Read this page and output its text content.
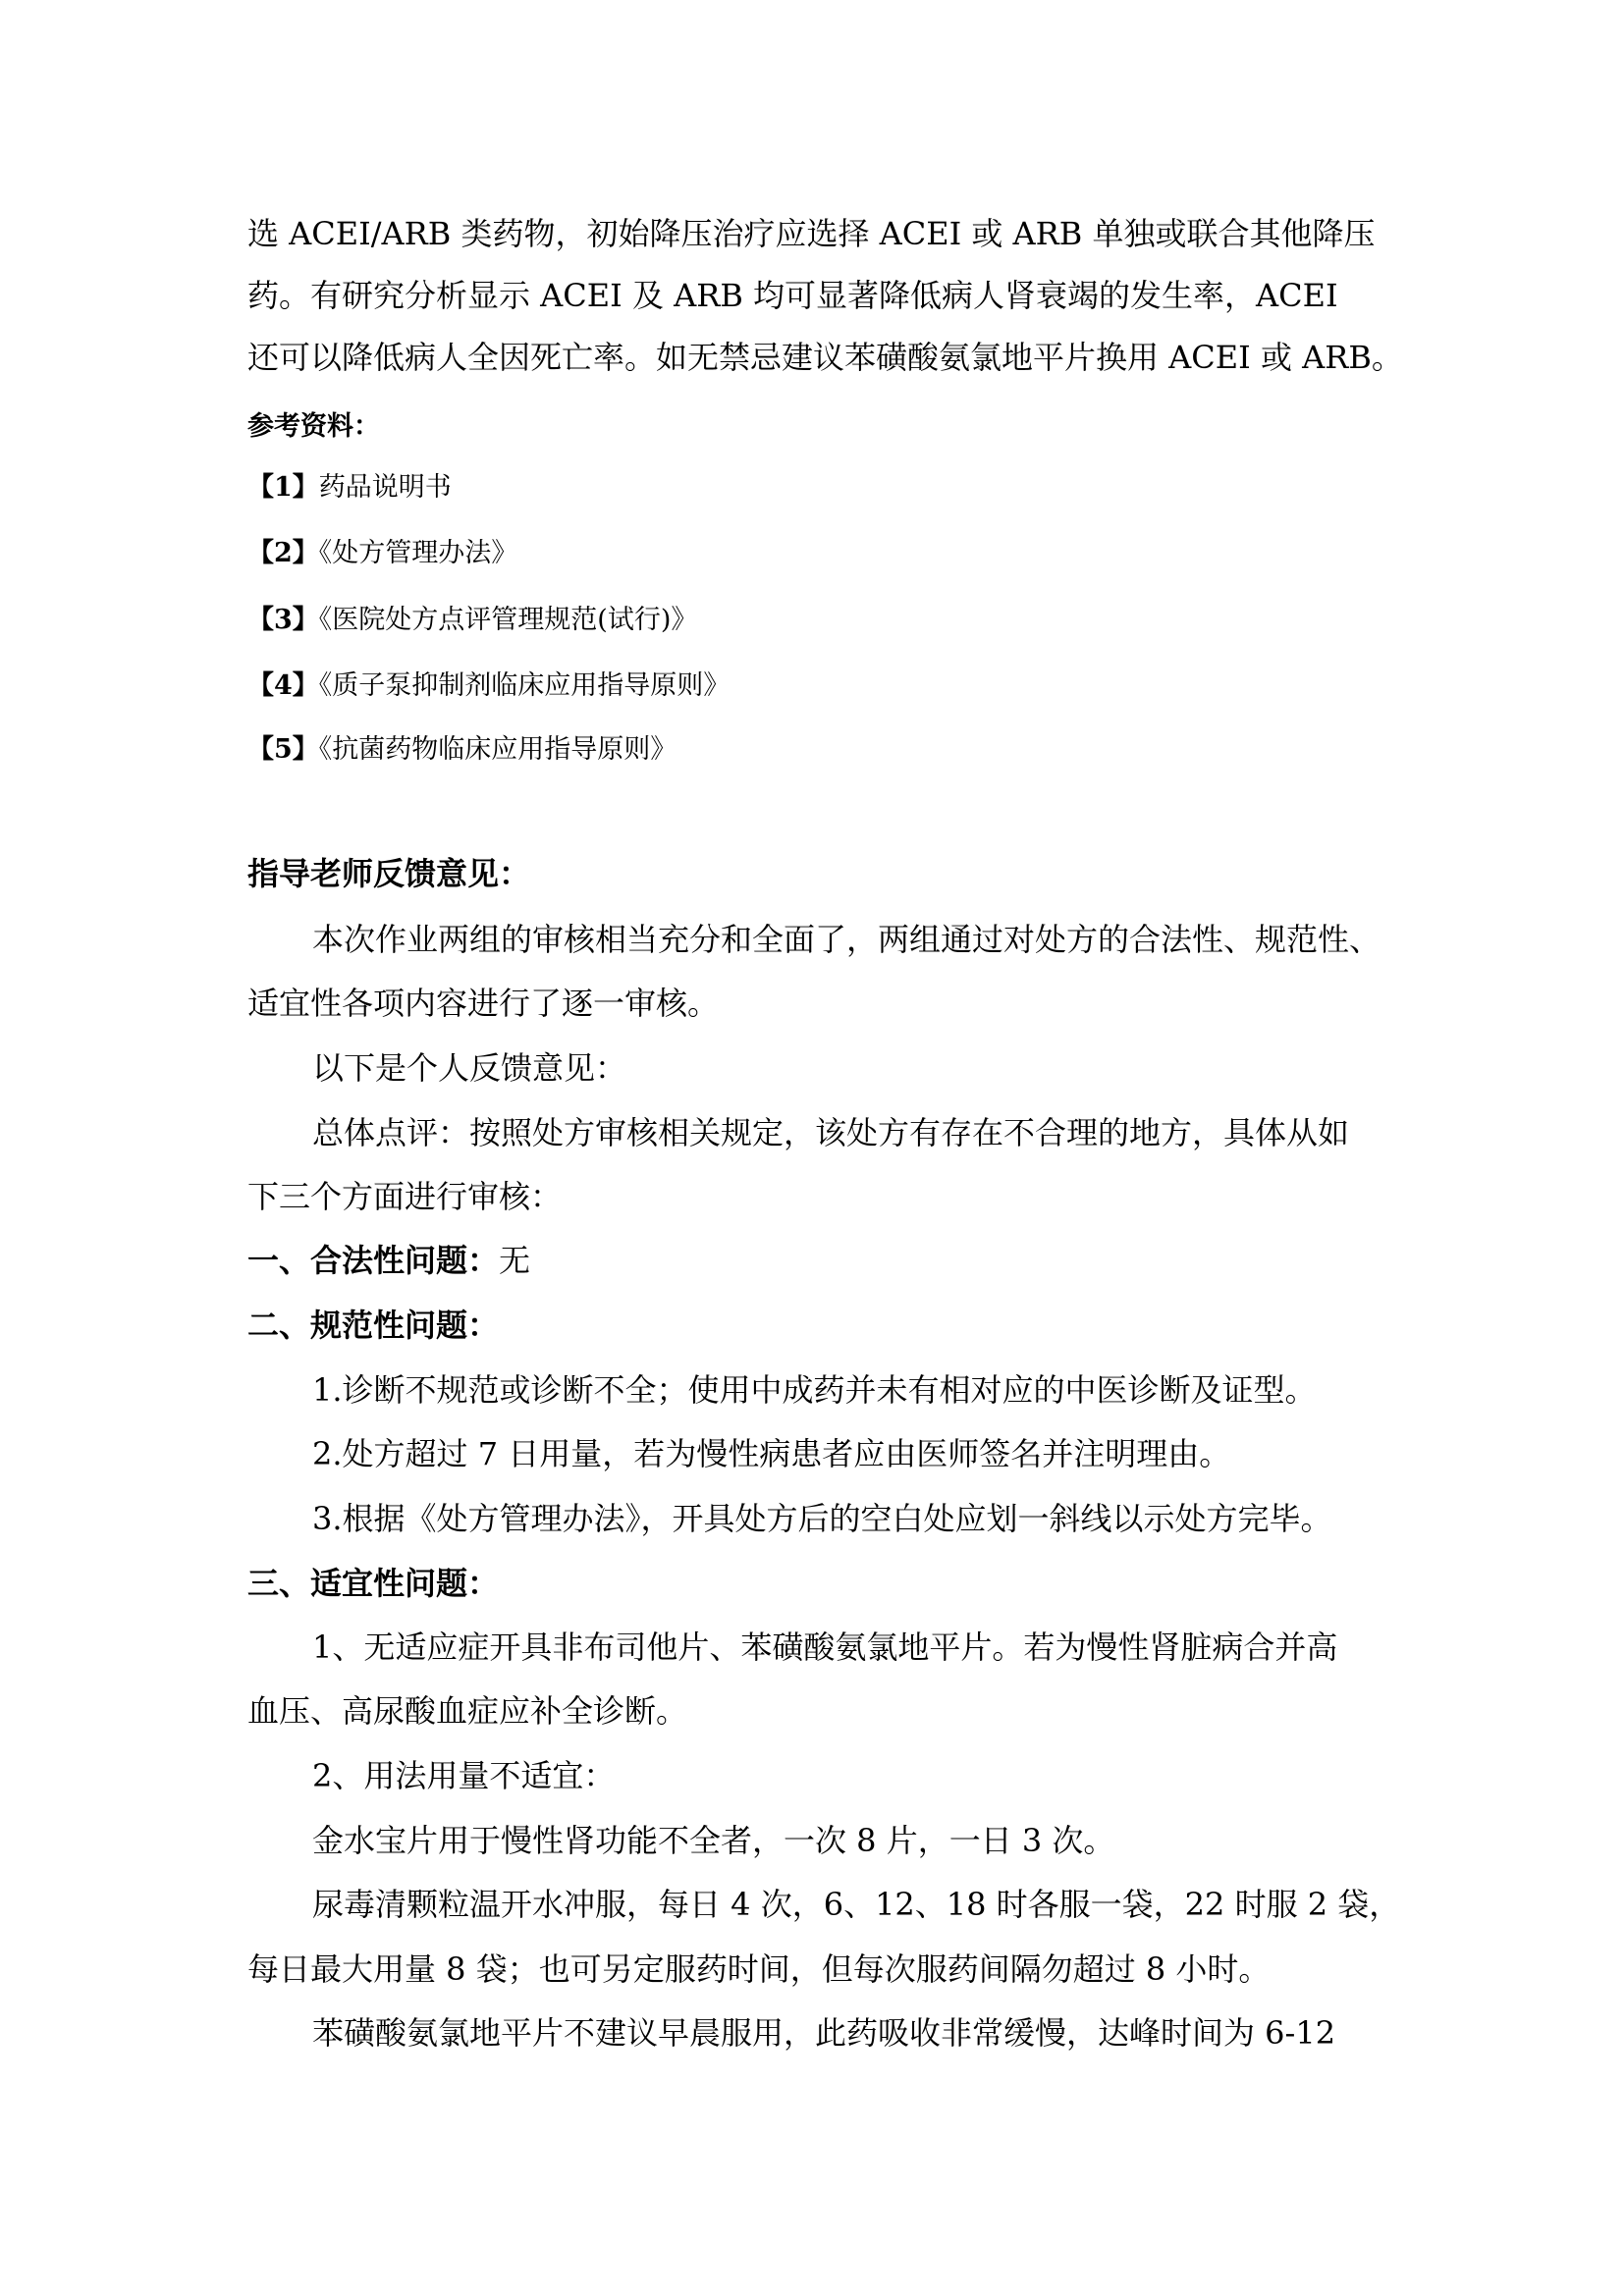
选 ACEI/ARB 类药物，初始降压治疗应选择 ACEI 或 ARB 单独或联合其他降压
药。有研究分析显示 ACEI 及 ARB 均可显著降低病人肾衰竭的发生率，ACEI
还可以降低病人全因死亡率。如无禁忌建议苯磺酸氨氯地平片换用 ACEI 或 ARB。
参考资料：
【1】药品说明书
【2】《处方管理办法》
【3】《医院处方点评管理规范(试行)》
【4】《质子泵抑制剂临床应用指导原则》
【5】《抗菌药物临床应用指导原则》
指导老师反馈意见：
本次作业两组的审核相当充分和全面了，两组通过对处方的合法性、规范性、
适宜性各项内容进行了逐一审核。
以下是个人反馈意见：
总体点评：按照处方审核相关规定，该处方有存在不合理的地方，具体从如
下三个方面进行审核：
一、合法性问题：无
二、规范性问题：
1.诊断不规范或诊断不全；使用中成药并未有相对应的中医诊断及证型。
2.处方超过 7 日用量，若为慢性病患者应由医师签名并注明理由。
3.根据《处方管理办法》，开具处方后的空白处应划一斜线以示处方完毕。
三、适宜性问题：
1、无适应症开具非布司他片、苯磺酸氨氯地平片。若为慢性肾脏病合并高
血压、高尿酸血症应补全诊断。
2、用法用量不适宜：
金水宝片用于慢性肾功能不全者，一次 8 片，一日 3 次。
尿毒清颗粒温开水冲服，每日 4 次，6、12、18 时各服一袋，22 时服 2 袋，
每日最大用量 8 袋；也可另定服药时间，但每次服药间隔勿超过 8 小时。
苯磺酸氨氯地平片不建议早晨服用，此药吸收非常缓慢，达峰时间为 6-12
